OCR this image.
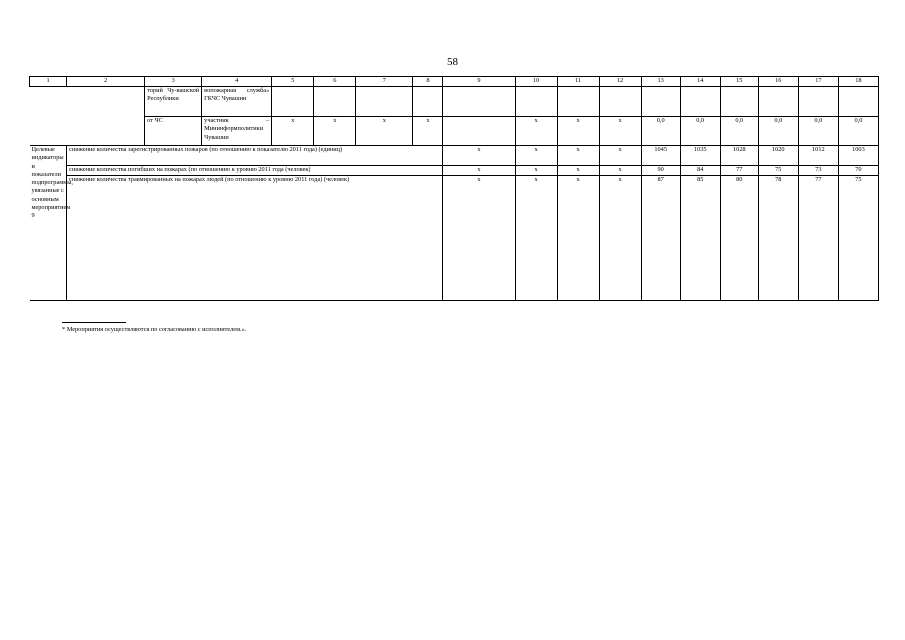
58
1	2	3	4	5	6	7	8	9	10	11	12	13	14	15	16	17	18
		торий Чу-вашской Республики	вопожарная служба» ГКЧС Чувашии														
		от ЧС	участник – Мининформполитики Чувашии	x	x	x	x		x	x	x	0,0	0,0	0,0	0,0	0,0	0,0
Целевые индикаторы и показатели подпрограммы, увязанные с основным мероприятием 9	снижение количества зарегистрированных пожаров (по отношению к показателю 2011 года) (единиц)							x	x	x	x	1045	1035	1028	1020	1012	1003
	снижение количества погибших на пожарах (по отношению к уровню 2011 года (человек)							x	x	x	x	90	84	77	75	73	70
	снижение количества травмированных на пожарах людей (по отношению к уровню 2011 года) (человек)							x	x	x	x	87	85	80	78	77	75
* Мероприятия осуществляются по согласованию с исполнителем.».
